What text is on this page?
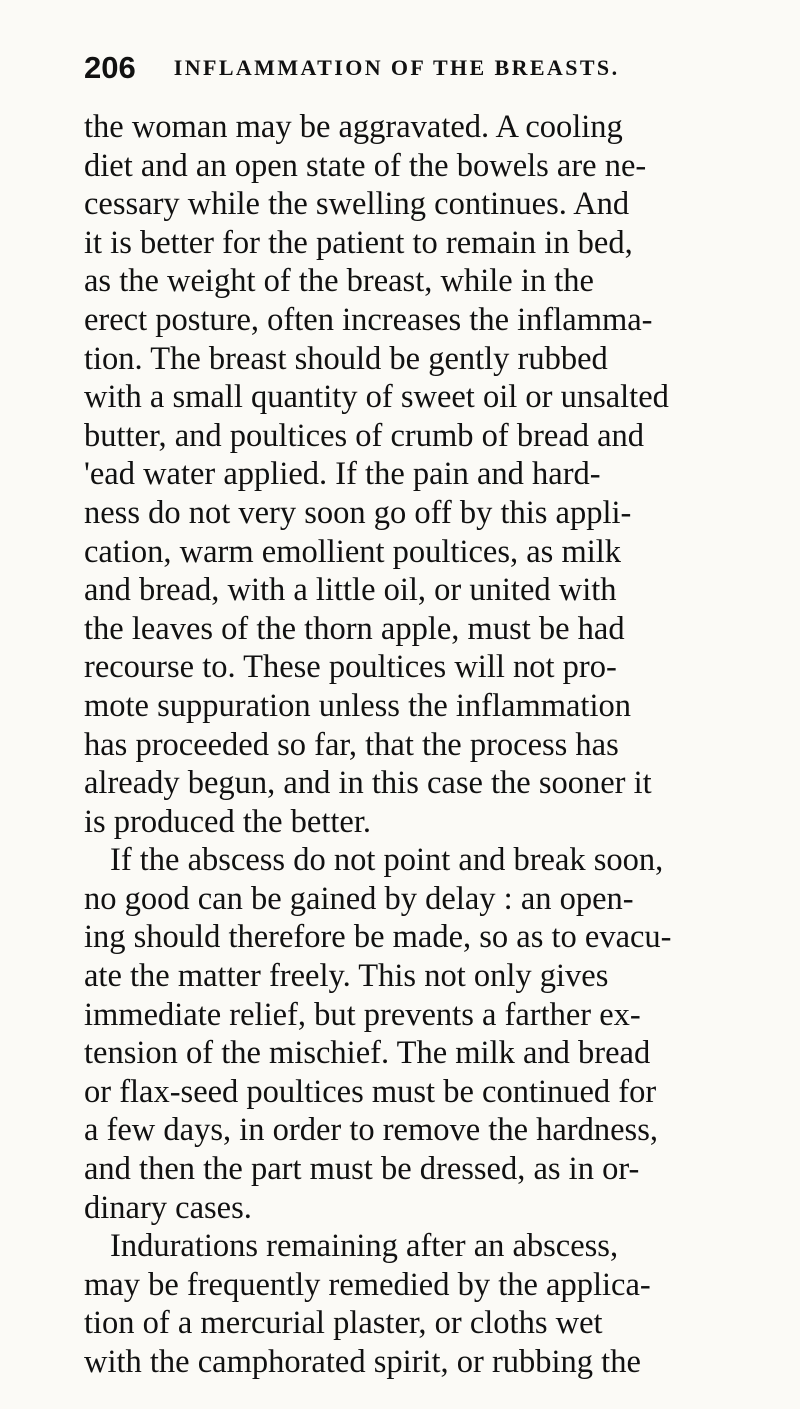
206 INFLAMMATION OF THE BREASTS.
the woman may be aggravated. A cooling
diet and an open state of the bowels are ne-
cessary while the swelling continues. And
it is better for the patient to remain in bed,
as the weight of the breast, while in the
erect posture, often increases the inflamma-
tion. The breast should be gently rubbed
with a small quantity of sweet oil or unsalted
butter, and poultices of crumb of bread and
'ead water applied. If the pain and hard-
ness do not very soon go off by this appli-
cation, warm emollient poultices, as milk
and bread, with a little oil, or united with
the leaves of the thorn apple, must be had
recourse to. These poultices will not pro-
mote suppuration unless the inflammation
has proceeded so far, that the process has
already begun, and in this case the sooner it
is produced the better.
If the abscess do not point and break soon,
no good can be gained by delay : an open-
ing should therefore be made, so as to evacu-
ate the matter freely. This not only gives
immediate relief, but prevents a farther ex-
tension of the mischief. The milk and bread
or flax-seed poultices must be continued for
a few days, in order to remove the hardness,
and then the part must be dressed, as in or-
dinary cases.
Indurations remaining after an abscess,
may be frequently remedied by the applica-
tion of a mercurial plaster, or cloths wet
with the camphorated spirit, or rubbing the
